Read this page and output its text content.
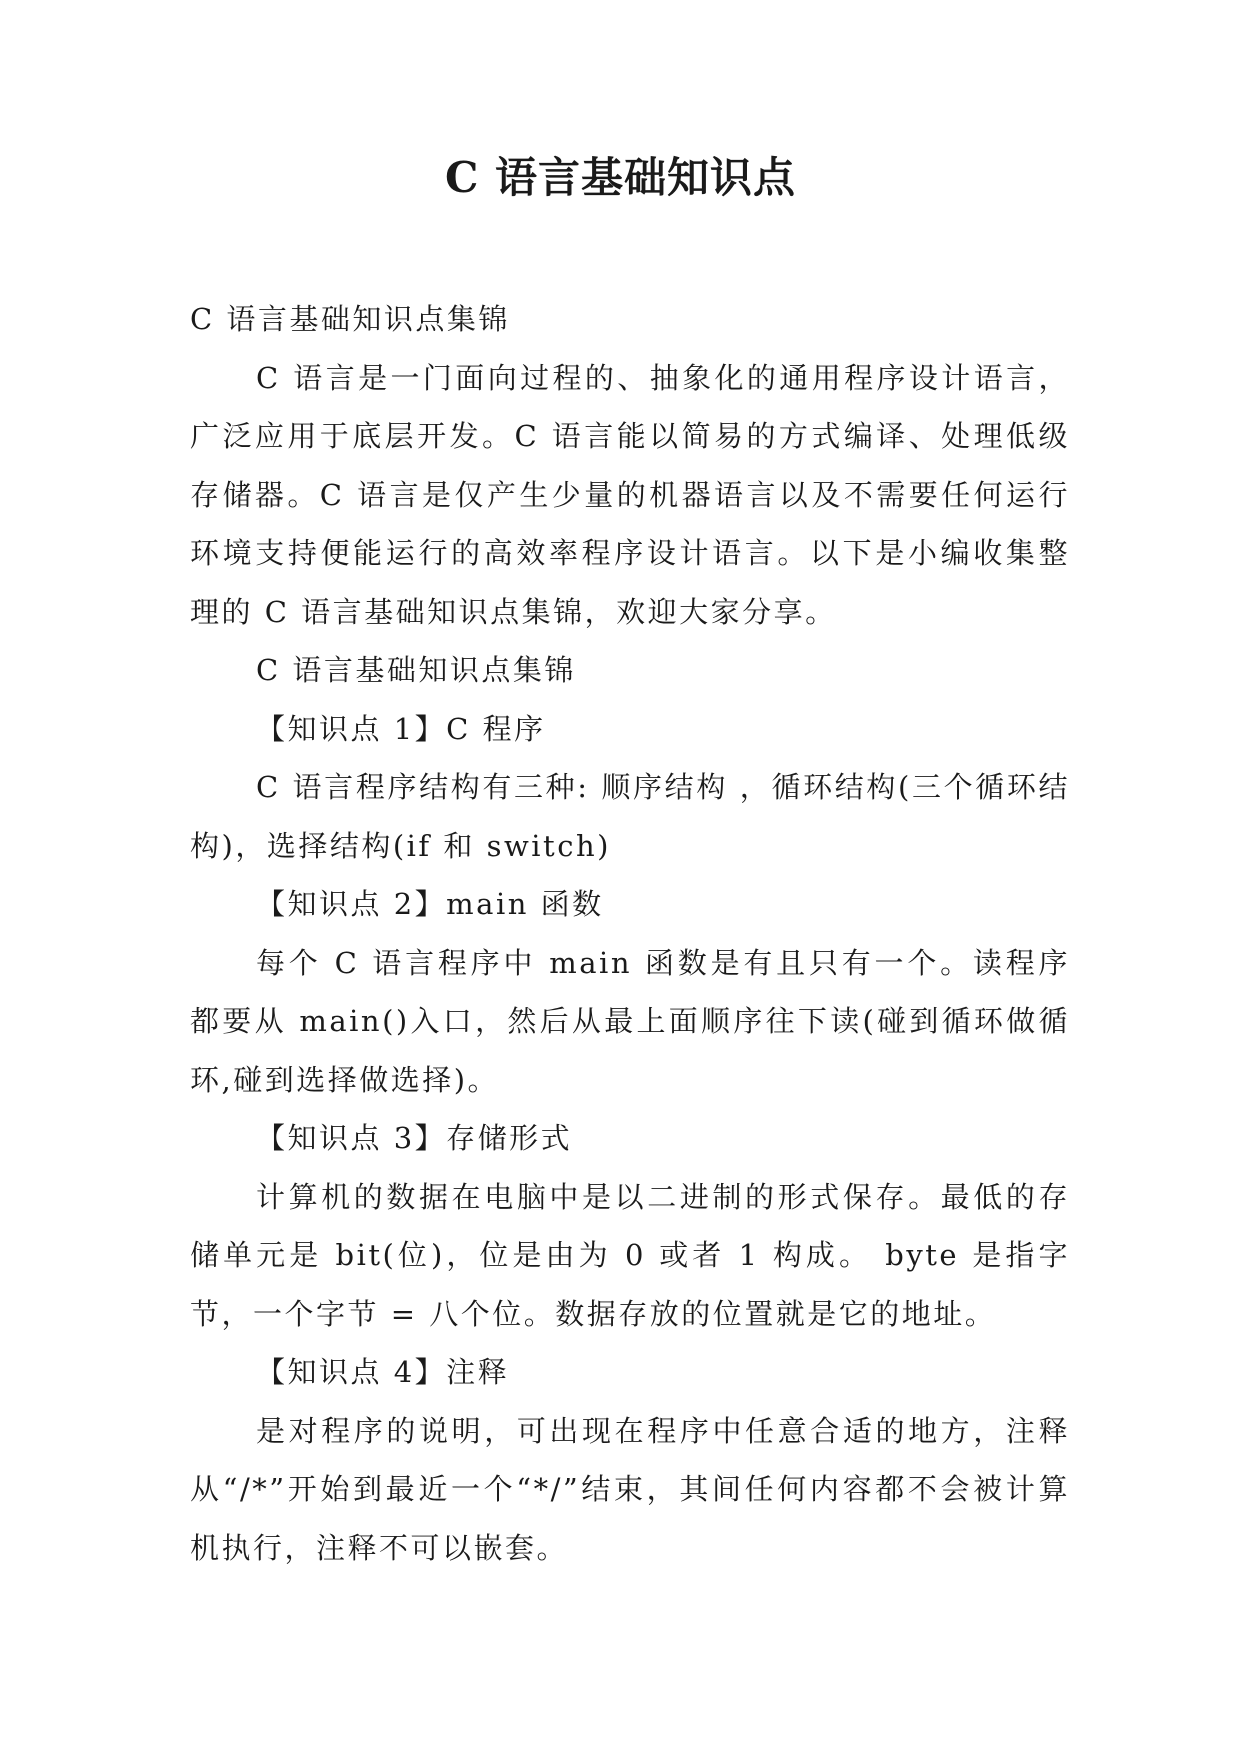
C 语言基础知识点

C 语言基础知识点集锦

C 语言是一门面向过程的、抽象化的通用程序设计语言，广泛应用于底层开发。C 语言能以简易的方式编译、处理低级存储器。C 语言是仅产生少量的机器语言以及不需要任何运行环境支持便能运行的高效率程序设计语言。以下是小编收集整理的 C 语言基础知识点集锦，欢迎大家分享。

C 语言基础知识点集锦

【知识点 1】C 程序

C 语言程序结构有三种: 顺序结构 ，循环结构(三个循环结构)，选择结构(if 和 switch)

【知识点 2】main 函数

每个 C 语言程序中 main 函数是有且只有一个。读程序都要从 main()入口，然后从最上面顺序往下读(碰到循环做循环,碰到选择做选择)。

【知识点 3】存储形式

计算机的数据在电脑中是以二进制的形式保存。最低的存储单元是 bit(位)，位是由为 0 或者 1 构成。 byte 是指字节，一个字节 = 八个位。数据存放的位置就是它的地址。

【知识点 4】注释

是对程序的说明，可出现在程序中任意合适的地方，注释从“/*”开始到最近一个“*/”结束，其间任何内容都不会被计算机执行，注释不可以嵌套。
